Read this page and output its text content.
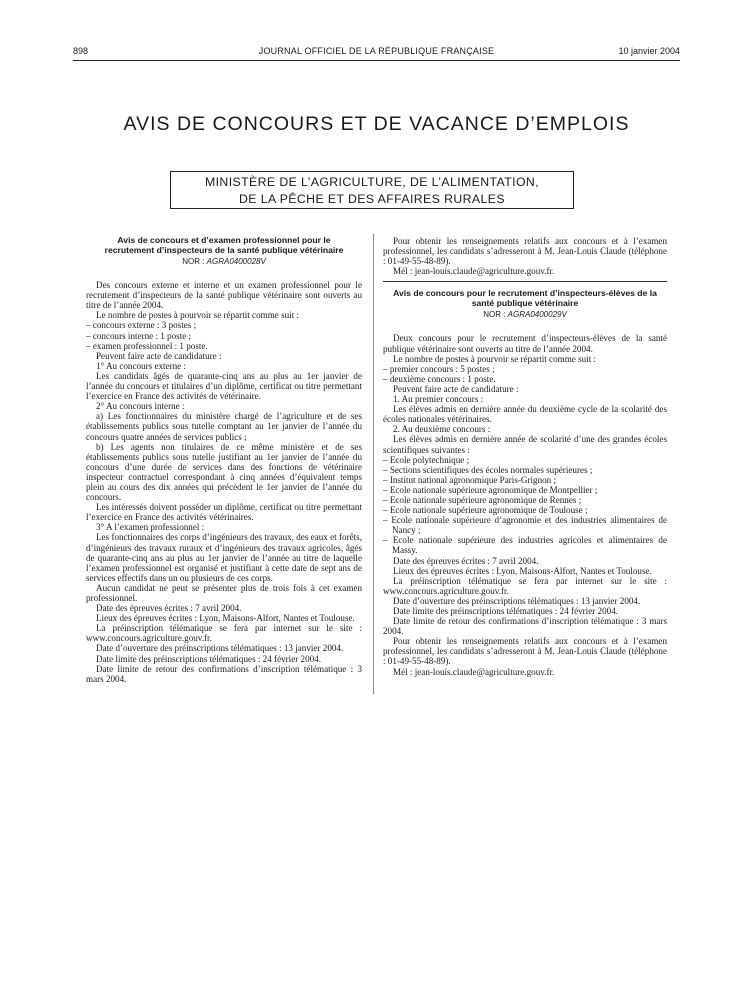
898	JOURNAL OFFICIEL DE LA RÉPUBLIQUE FRANÇAISE	10 janvier 2004
AVIS DE CONCOURS ET DE VACANCE D’EMPLOIS
MINISTÈRE DE L’AGRICULTURE, DE L’ALIMENTATION,
DE LA PÊCHE ET DES AFFAIRES RURALES

Avis de concours et d’examen professionnel pour le recrutement d’inspecteurs de la santé publique vétérinaire

NOR : AGRA0400028V

Des concours externe et interne et un examen professionnel pour le recrutement d’inspecteurs de la santé publique vétérinaire sont ouverts au titre de l’année 2004.

Le nombre de postes à pourvoir se répartit comme suit :

– concours externe : 3 postes ;

– concours interne : 1 poste ;

– examen professionnel : 1 poste.

Peuvent faire acte de candidature :

1° Au concours externe :

Les candidats âgés de quarante-cinq ans au plus au 1er janvier de l’année du concours et titulaires d’un diplôme, certificat ou titre permettant l’exercice en France des activités de vétérinaire.

2° Au concours interne :

a) Les fonctionnaires du ministère chargé de l’agriculture et de ses établissements publics sous tutelle comptant au 1er janvier de l’année du concours quatre années de services publics ;

b) Les agents non titulaires de ce même ministère et de ses établissements publics sous tutelle justifiant au 1er janvier de l’année du concours d’une durée de services dans des fonctions de vétérinaire inspecteur contractuel correspondant à cinq années d’équivalent temps plein au cours des dix années qui précèdent le 1er janvier de l’année du concours.

Les intéressés doivent posséder un diplôme, certificat ou titre permettant l’exercice en France des activités vétérinaires.

3° A l’examen professionnel :

Les fonctionnaires des corps d’ingénieurs des travaux, des eaux et forêts, d’ingénieurs des travaux ruraux et d’ingénieurs des travaux agricoles, âgés de quarante-cinq ans au plus au 1er janvier de l’année au titre de laquelle l’examen professionnel est organisé et justifiant à cette date de sept ans de services effectifs dans un ou plusieurs de ces corps.

Aucun candidat ne peut se présenter plus de trois fois à cet examen professionnel.

Date des épreuves écrites : 7 avril 2004.

Lieux des épreuves écrites : Lyon, Maisons-Alfort, Nantes et Toulouse.

La préinscription télématique se fera par internet sur le site : www.concours.agriculture.gouv.fr.

Date d’ouverture des préinscriptions télématiques : 13 janvier 2004.

Date limite des préinscriptions télématiques : 24 février 2004.

Date limite de retour des confirmations d’inscription télématique : 3 mars 2004.

Pour obtenir les renseignements relatifs aux concours et à l’examen professionnel, les candidats s’adresseront à M. Jean-Louis Claude (téléphone : 01-49-55-48-89).

Mél : jean-louis.claude@agriculture.gouv.fr.

Avis de concours pour le recrutement d’inspecteurs-élèves de la santé publique vétérinaire

NOR : AGRA0400029V

Deux concours pour le recrutement d’inspecteurs-élèves de la santé publique vétérinaire sont ouverts au titre de l’année 2004.

Le nombre de postes à pourvoir se répartit comme suit :

– premier concours : 5 postes ;

– deuxième concours : 1 poste.

Peuvent faire acte de candidature :

1. Au premier concours :

Les élèves admis en dernière année du deuxième cycle de la scolarité des écoles nationales vétérinaires.

2. Au deuxième concours :

Les élèves admis en dernière année de scolarité d’une des grandes écoles scientifiques suivantes :

– Ecole polytechnique ;

– Sections scientifiques des écoles normales supérieures ;

– Institut national agronomique Paris-Grignon ;

– Ecole nationale supérieure agronomique de Montpellier ;

– Ecole nationale supérieure agronomique de Rennes ;

– Ecole nationale supérieure agronomique de Toulouse ;

– Ecole nationale supérieure d’agronomie et des industries alimentaires de Nancy ;

– Ecole nationale supérieure des industries agricoles et alimentaires de Massy.

Date des épreuves écrites : 7 avril 2004.

Lieux des épreuves écrites : Lyon, Maisons-Alfort, Nantes et Toulouse.

La préinscription télématique se fera par internet sur le site : www.concours.agriculture.gouv.fr.

Date d’ouverture des préinscriptions télématiques : 13 janvier 2004.

Date limite des préinscriptions télématiques : 24 février 2004.

Date limite de retour des confirmations d’inscription télématique : 3 mars 2004.

Pour obtenir les renseignements relatifs aux concours et à l’examen professionnel, les candidats s’adresseront à M. Jean-Louis Claude (téléphone : 01-49-55-48-89).

Mél : jean-louis.claude@agriculture.gouv.fr.
